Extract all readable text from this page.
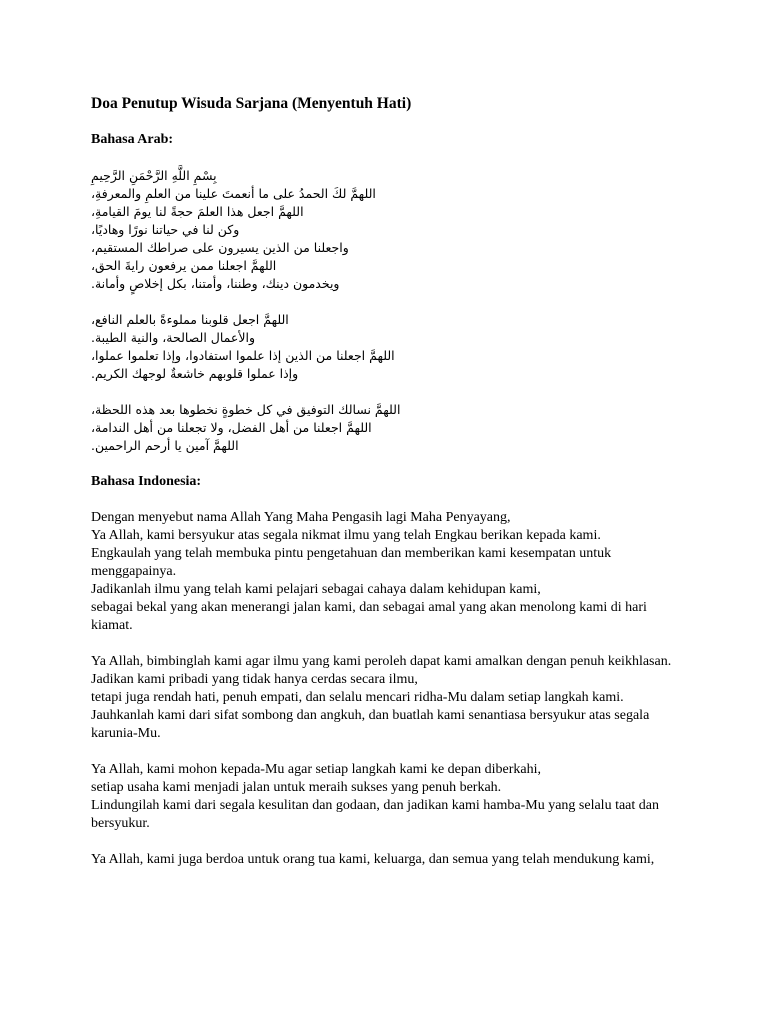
Doa Penutup Wisuda Sarjana (Menyentuh Hati)
Bahasa Arab:
بِسْمِ اللَّهِ الرَّحْمَنِ الرَّحِيمِ
اللهمَّ لكَ الحمدُ على ما أنعمتَ علينا من العلمِ والمعرفةِ،
اللهمَّ اجعل هذا العلمَ حجةً لنا يومَ القيامةِ،
وكن لنا في حياتنا نورًا وهاديًا،
واجعلنا من الذين يسيرون على صراطك المستقيم،
اللهمَّ اجعلنا ممن يرفعون رايةَ الحق،
ويخدمون دينك، وطننا، وأمتنا، بكل إخلاصٍ وأمانة.
اللهمَّ اجعل قلوبنا مملوءةً بالعلم النافع،
والأعمال الصالحة، والنية الطيبة.
اللهمَّ اجعلنا من الذين إذا علموا استفادوا، وإذا تعلموا عملوا،
وإذا عملوا قلوبهم خاشعةٌ لوجهك الكريم.
اللهمَّ نسالك التوفيق في كل خطوةٍ نخطوها بعد هذه اللحظة،
اللهمَّ اجعلنا من أهل الفضل، ولا تجعلنا من أهل الندامة،
اللهمَّ آمين يا أرحم الراحمين.
Bahasa Indonesia:
Dengan menyebut nama Allah Yang Maha Pengasih lagi Maha Penyayang,
Ya Allah, kami bersyukur atas segala nikmat ilmu yang telah Engkau berikan kepada kami.
Engkaulah yang telah membuka pintu pengetahuan dan memberikan kami kesempatan untuk menggapainya.
Jadikanlah ilmu yang telah kami pelajari sebagai cahaya dalam kehidupan kami,
sebagai bekal yang akan menerangi jalan kami, dan sebagai amal yang akan menolong kami di hari kiamat.
Ya Allah, bimbinglah kami agar ilmu yang kami peroleh dapat kami amalkan dengan penuh keikhlasan.
Jadikan kami pribadi yang tidak hanya cerdas secara ilmu,
tetapi juga rendah hati, penuh empati, dan selalu mencari ridha-Mu dalam setiap langkah kami.
Jauhkanlah kami dari sifat sombong dan angkuh, dan buatlah kami senantiasa bersyukur atas segala karunia-Mu.
Ya Allah, kami mohon kepada-Mu agar setiap langkah kami ke depan diberkahi,
setiap usaha kami menjadi jalan untuk meraih sukses yang penuh berkah.
Lindungilah kami dari segala kesulitan dan godaan, dan jadikan kami hamba-Mu yang selalu taat dan bersyukur.
Ya Allah, kami juga berdoa untuk orang tua kami, keluarga, dan semua yang telah mendukung kami,
